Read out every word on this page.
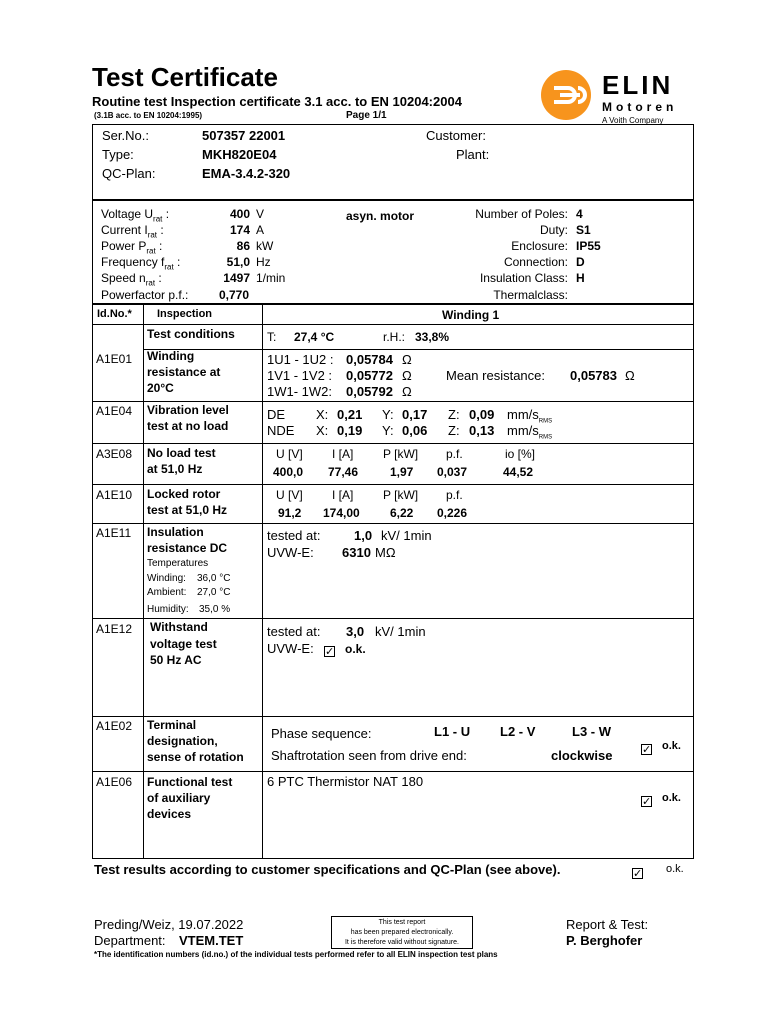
Test Certificate
Routine test Inspection certificate 3.1 acc. to EN 10204:2004
(3.1B acc. to EN 10204:1995)	Page 1/1
ELIN
Motoren
A Voith Company
Ser.No.:	507357 22001
Type:	MKH820E04
QC-Plan:	EMA-3.4.2-320
Customer:
Plant:
Voltage $U_{rat}$ :	400 V
Current $I_{rat}$ :	174 A
Power $P_{rat}$ :	86 kW
Frequency $f_{rat}$ :	51,0 Hz
Speed $n_{rat}$ :	1497 1/min
Powerfactor p.f.:	0,770
asyn. motor	Number of Poles: 4
Duty: S1
Enclosure: IP55
Connection: D
Insulation Class: H
Thermalclass:
Id.No.* Inspection	Winding 1
Test conditions	T: 27,4 °C	r.H.: 33,8%
A1E01 Winding
resistance at
20°C
1U1 - 1U2 : 0,05784 Ω
1V1 - 1V2 : 0,05772 Ω
1W1- 1W2: 0,05792 Ω
Mean resistance: 0,05783 Ω
A1E04 Vibration level
test at no load
DE X: 0,21 Y: 0,17 Z: 0,09 $mm/s_{RMS}$
NDE X: 0,19 Y: 0,06 Z: 0,13 $mm/s_{RMS}$
A3E08 No load test
at 51,0 Hz
U [V] I [A] P [kW] p.f.	io [%]
400,0 77,46	1,97 0,037	44,52
A1E10 Locked rotor
test at 51,0 Hz
U [V] I [A] P [kW] p.f.
91,2 174,00	6,22 0,226
A1E11 Insulation
resistance DC
Temperatures
Winding: 36,0 °C
Ambient: 27,0 °C
Humidity: 35,0 %
tested at:	1,0 kV/ 1min
UVW-E: 6310 MΩ
A1E12 Withstand
voltage test
50 Hz AC
tested at: 3,0 kV/ 1min
UVW-E: ✓ o.k.
A1E02 Terminal
designation,
sense of rotation
Phase sequence:	L1 - U L2 - V	L3 - W
Shaftrotation seen from drive end:	clockwise	✓ o.k.
A1E06 Functional test
of auxiliary
devices
6 PTC Thermistor NAT 180
✓ o.k.
Test results according to customer specifications and QC-Plan (see above).	✓ o.k.
Preding/Weiz, 19.07.2022
Department: VTEM.TET
This test report
has been prepared electronically.
It is therefore valid without signature.
Report & Test:
P. Berghofer
*The identification numbers (id.no.) of the individual tests performed refer to all ELIN inspection test plans
